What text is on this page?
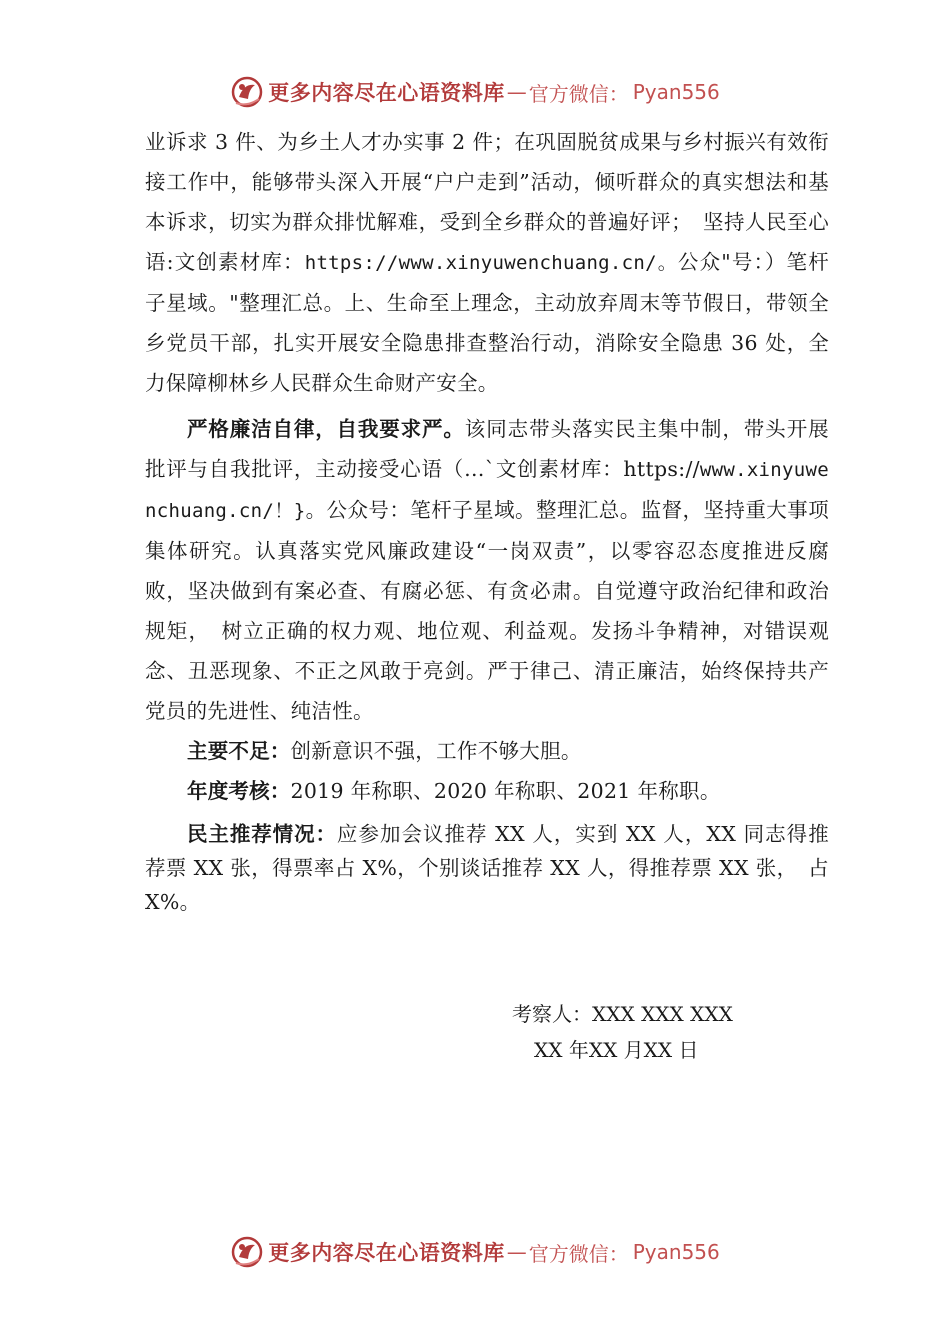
更多内容尽在心语资料库 — 官方微信： Pyan556

业诉求 3 件、为乡土人才办实事 2 件；在巩固脱贫成果与乡村振兴有效衔接工作中，能够带头深入开展“户户走到”活动，倾听群众的真实想法和基本诉求，切实为群众排忧解难，受到全乡群众的普遍好评；　坚持人民至心语:文创素材库：https://www.xinyuwenchuang.cn/。公众"号：）笔杆子星域。"整理汇总。上、生命至上理念，主动放弃周末等节假日，带领全乡党员干部，扎实开展安全隐患排查整治行动，消除安全隐患 36 处，全力保障柳林乡人民群众生命财产安全。

严格廉洁自律，自我要求严。该同志带头落实民主集中制，带头开展批评与自我批评，主动接受心语（…`文创素材库：https://www.xinyuwenchuang.cn/！}。公众号：笔杆子星域。整理汇总。监督，坚持重大事项集体研究。认真落实党风廉政建设“一岗双责”，以零容忍态度推进反腐败，坚决做到有案必查、有腐必惩、有贪必肃。自觉遵守政治纪律和政治规矩，　树立正确的权力观、地位观、利益观。发扬斗争精神，对错误观念、丑恶现象、不正之风敢于亮剑。严于律己、清正廉洁，始终保持共产党员的先进性、纯洁性。

主要不足：创新意识不强，工作不够大胆。

年度考核：2019 年称职、2020 年称职、2021 年称职。

民主推荐情况：应参加会议推荐 XX 人，实到 XX 人，XX 同志得推荐票 XX 张，得票率占 X%，个别谈话推荐 XX 人，得推荐票 XX 张，　占 X%。

考察人：XXX XXX XXX
XX 年XX 月XX 日
更多内容尽在心语资料库 — 官方微信： Pyan556
